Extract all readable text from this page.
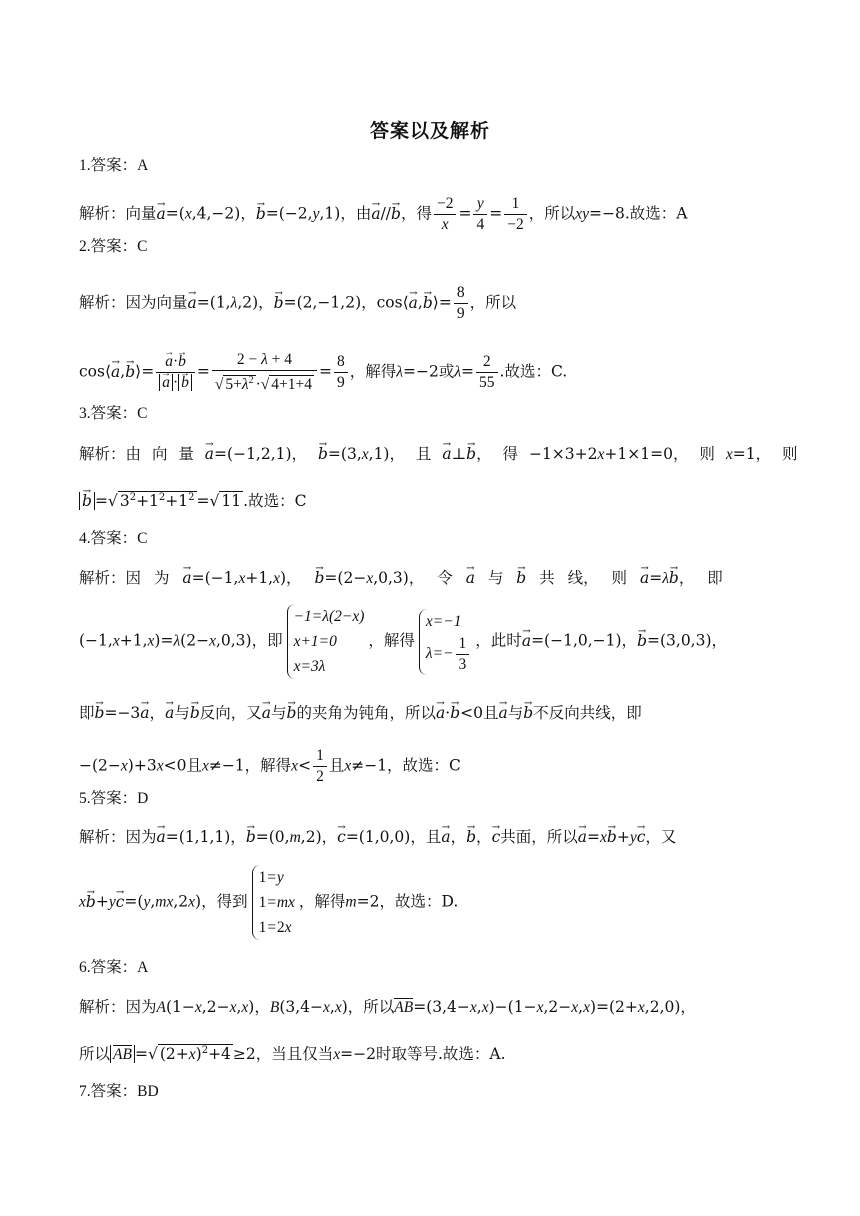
答案以及解析
1.答案：A
解析：向量→ a=(x,4,−2)，→ b=(−2,y,1)，由→ a//→ b，得 $\frac{-2}{x} = \frac{y}{4} = \frac{1}{-2}$ ，所以xy=−8.故选：A
2.答案：C
解析：因为向量→ a=(1,λ,2)，→ b=(2,−1,2)，cos⟨→ a,→ b⟩= $\frac{8}{9}$ ，所以
cos⟨→ a,→ b⟩=
→ a·→ b
→ $a \cdot\to b = \frac{2 - \lambda + 4}{√ 5+\lambda^2 \cdot√ 4+1+4} = \frac{8}{9}$ ，解得λ=−2或$\lambda= \frac{2}{55}$ .故选：C.
3.答案：C
解析：由 向 量 → a=(−1,2,1)， → b=(3,x,1)， 且 → a⊥→ b， 得 −1×3+2x+1×1=0， 则 x=1， 则
→ b =√ $3^2+1^2+1^2$ =√ 11 .故选：C
4.答案：C
解析：因 为 → a=(−1,x+1,x)， → b=(2−x,0,3)， 令 → a 与 → b 共 线， 则 → a=λ→ b， 即
(−1,x+1,x)=λ(2−x,0,3)，即
−1=λ(2−x)
x+1=0
x=3λ
，解得
x=−1
$\lambda=- \frac{1}{3}$ ，此时→ a=(−1,0,−1)，→ b=(3,0,3)，
即→ b=−3→ a，→ a与→ b反向，又→ a与→ b的夹角为钝角，所以→ a·→ b<0且→ a与→ b不反向共线，即
−(2−x)+3x<0且x≠−1，解得$x< \frac{1}{2}$ 且x≠−1，故选：C
5.答案：D
解析：因为→ a=(1,1,1)，→ b=(0,m,2)，→ c=(1,0,0)，且→ a，→ b，→ c共面，所以→ a=x→ b+y→ c，又
x→ b+y→ c=(y,mx,2x)，得到
1=y
1=mx
1=2x
，解得m=2，故选：D.
6.答案：A
解析：因为A(1−x,2−x,x)，B(3,4−x,x)，所以AB=(3,4−x,x)−(1−x,2−x,x)=(2+x,2,0)，
所以 AB =√ $(2+x)^2+4 \ge 2$，当且仅当x=−2时取等号.故选：A.
7.答案：BD
